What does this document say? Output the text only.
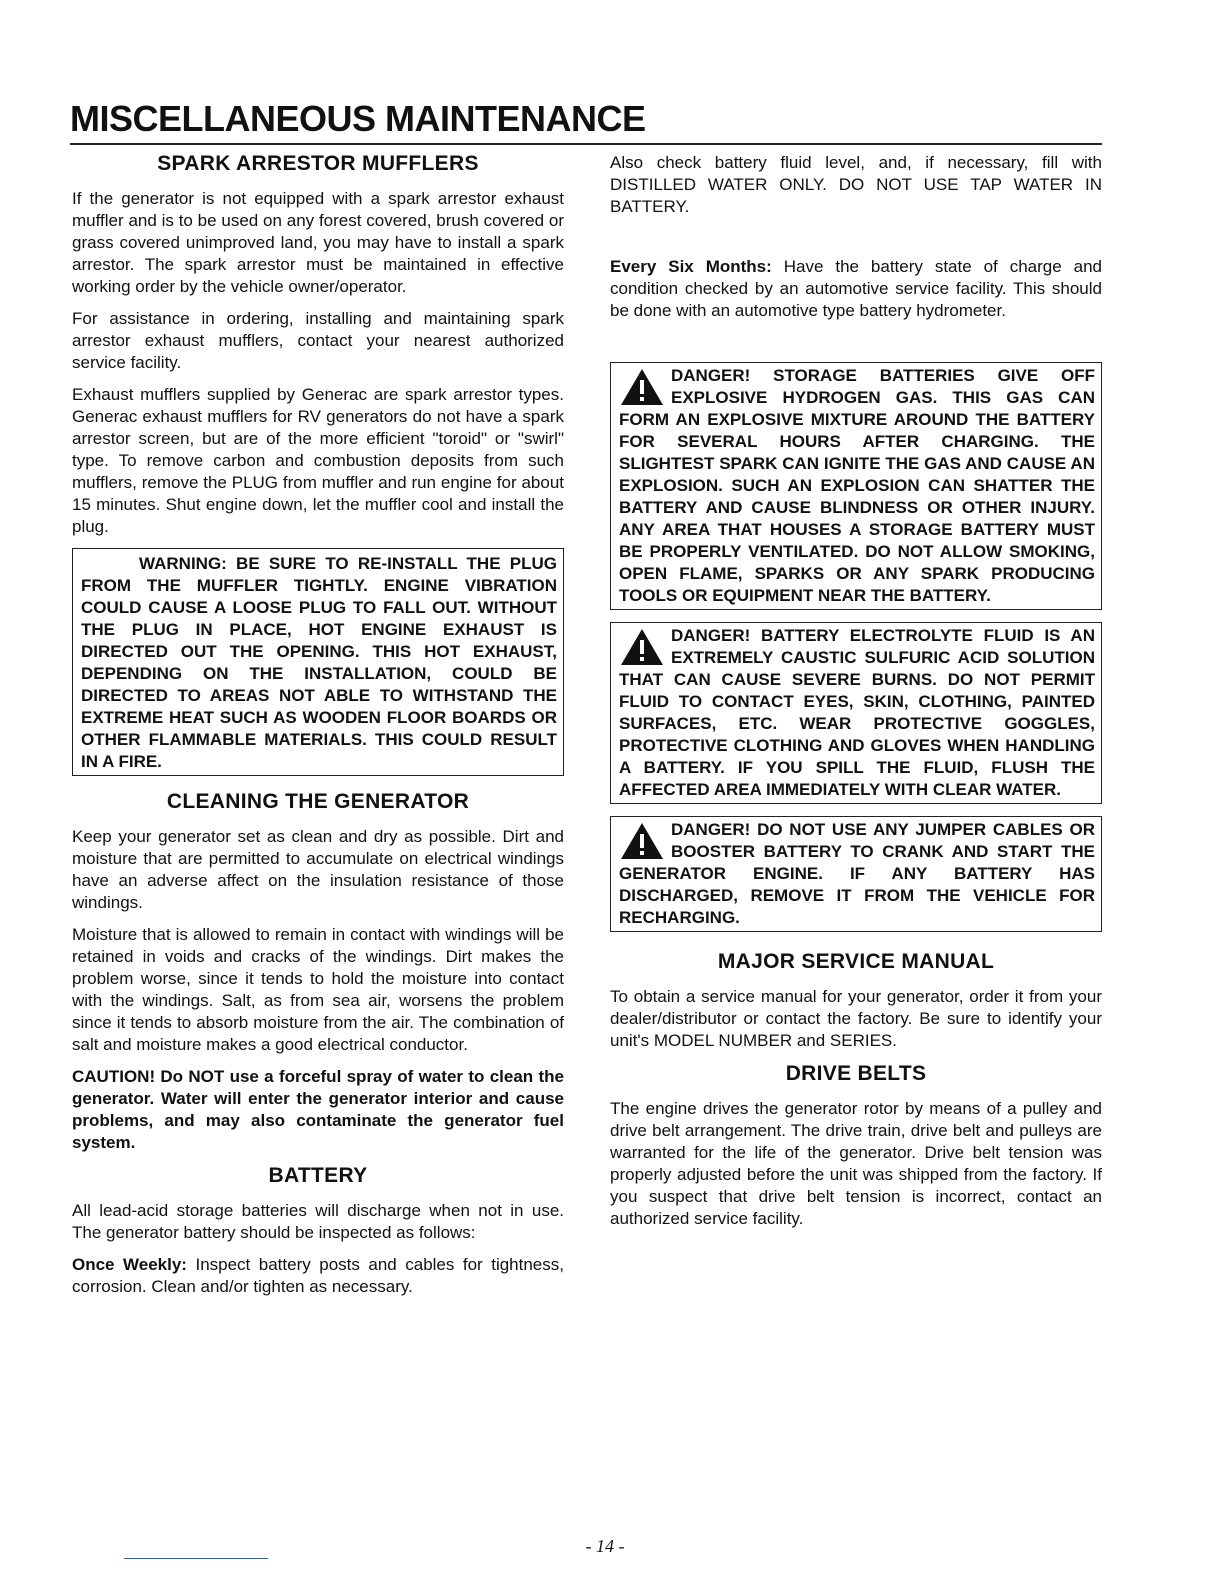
MISCELLANEOUS MAINTENANCE
SPARK ARRESTOR MUFFLERS

If the generator is not equipped with a spark arrestor exhaust muffler and is to be used on any forest covered, brush covered or grass covered unimproved land, you may have to install a spark arrestor. The spark arrestor must be maintained in effective working order by the vehicle owner/operator.

For assistance in ordering, installing and maintaining spark arrestor exhaust mufflers, contact your nearest authorized service facility.

Exhaust mufflers supplied by Generac are spark arrestor types. Generac exhaust mufflers for RV generators do not have a spark arrestor screen, but are of the more efficient "toroid" or "swirl" type. To remove carbon and combustion deposits from such mufflers, remove the PLUG from muffler and run engine for about 15 minutes. Shut engine down, let the muffler cool and install the plug.

WARNING: BE SURE TO RE-INSTALL THE PLUG FROM THE MUFFLER TIGHTLY. ENGINE VIBRATION COULD CAUSE A LOOSE PLUG TO FALL OUT. WITHOUT THE PLUG IN PLACE, HOT ENGINE EXHAUST IS DIRECTED OUT THE OPENING. THIS HOT EXHAUST, DEPENDING ON THE INSTALLATION, COULD BE DIRECTED TO AREAS NOT ABLE TO WITHSTAND THE EXTREME HEAT SUCH AS WOODEN FLOOR BOARDS OR OTHER FLAMMABLE MATERIALS. THIS COULD RESULT IN A FIRE.
CLEANING THE GENERATOR

Keep your generator set as clean and dry as possible. Dirt and moisture that are permitted to accumulate on electrical windings have an adverse affect on the insulation resistance of those windings.

Moisture that is allowed to remain in contact with windings will be retained in voids and cracks of the windings. Dirt makes the problem worse, since it tends to hold the moisture into contact with the windings. Salt, as from sea air, worsens the problem since it tends to absorb moisture from the air. The combination of salt and moisture makes a good electrical conductor.

CAUTION! Do NOT use a forceful spray of water to clean the generator. Water will enter the generator interior and cause problems, and may also contaminate the generator fuel system.

BATTERY

All lead-acid storage batteries will discharge when not in use. The generator battery should be inspected as follows:

Once Weekly: Inspect battery posts and cables for tightness, corrosion. Clean and/or tighten as necessary.

Also check battery fluid level, and, if necessary, fill with DISTILLED WATER ONLY. DO NOT USE TAP WATER IN BATTERY.

Every Six Months: Have the battery state of charge and condition checked by an automotive service facility. This should be done with an automotive type battery hydrometer.

DANGER! STORAGE BATTERIES GIVE OFF EXPLOSIVE HYDROGEN GAS. THIS GAS CAN FORM AN EXPLOSIVE MIXTURE AROUND THE BATTERY FOR SEVERAL HOURS AFTER CHARGING. THE SLIGHTEST SPARK CAN IGNITE THE GAS AND CAUSE AN EXPLOSION. SUCH AN EXPLOSION CAN SHATTER THE BATTERY AND CAUSE BLINDNESS OR OTHER INJURY. ANY AREA THAT HOUSES A STORAGE BATTERY MUST BE PROPERLY VENTILATED. DO NOT ALLOW SMOKING, OPEN FLAME, SPARKS OR ANY SPARK PRODUCING TOOLS OR EQUIPMENT NEAR THE BATTERY.
DANGER! BATTERY ELECTROLYTE FLUID IS AN EXTREMELY CAUSTIC SULFURIC ACID SOLUTION THAT CAN CAUSE SEVERE BURNS. DO NOT PERMIT FLUID TO CONTACT EYES, SKIN, CLOTHING, PAINTED SURFACES, ETC. WEAR PROTECTIVE GOGGLES, PROTECTIVE CLOTHING AND GLOVES WHEN HANDLING A BATTERY. IF YOU SPILL THE FLUID, FLUSH THE AFFECTED AREA IMMEDIATELY WITH CLEAR WATER.
DANGER! DO NOT USE ANY JUMPER CABLES OR BOOSTER BATTERY TO CRANK AND START THE GENERATOR ENGINE. IF ANY BATTERY HAS DISCHARGED, REMOVE IT FROM THE VEHICLE FOR RECHARGING.
MAJOR SERVICE MANUAL

To obtain a service manual for your generator, order it from your dealer/distributor or contact the factory. Be sure to identify your unit's MODEL NUMBER and SERIES.

DRIVE BELTS

The engine drives the generator rotor by means of a pulley and drive belt arrangement. The drive train, drive belt and pulleys are warranted for the life of the generator. Drive belt tension was properly adjusted before the unit was shipped from the factory. If you suspect that drive belt tension is incorrect, contact an authorized service facility.

- 14 -
